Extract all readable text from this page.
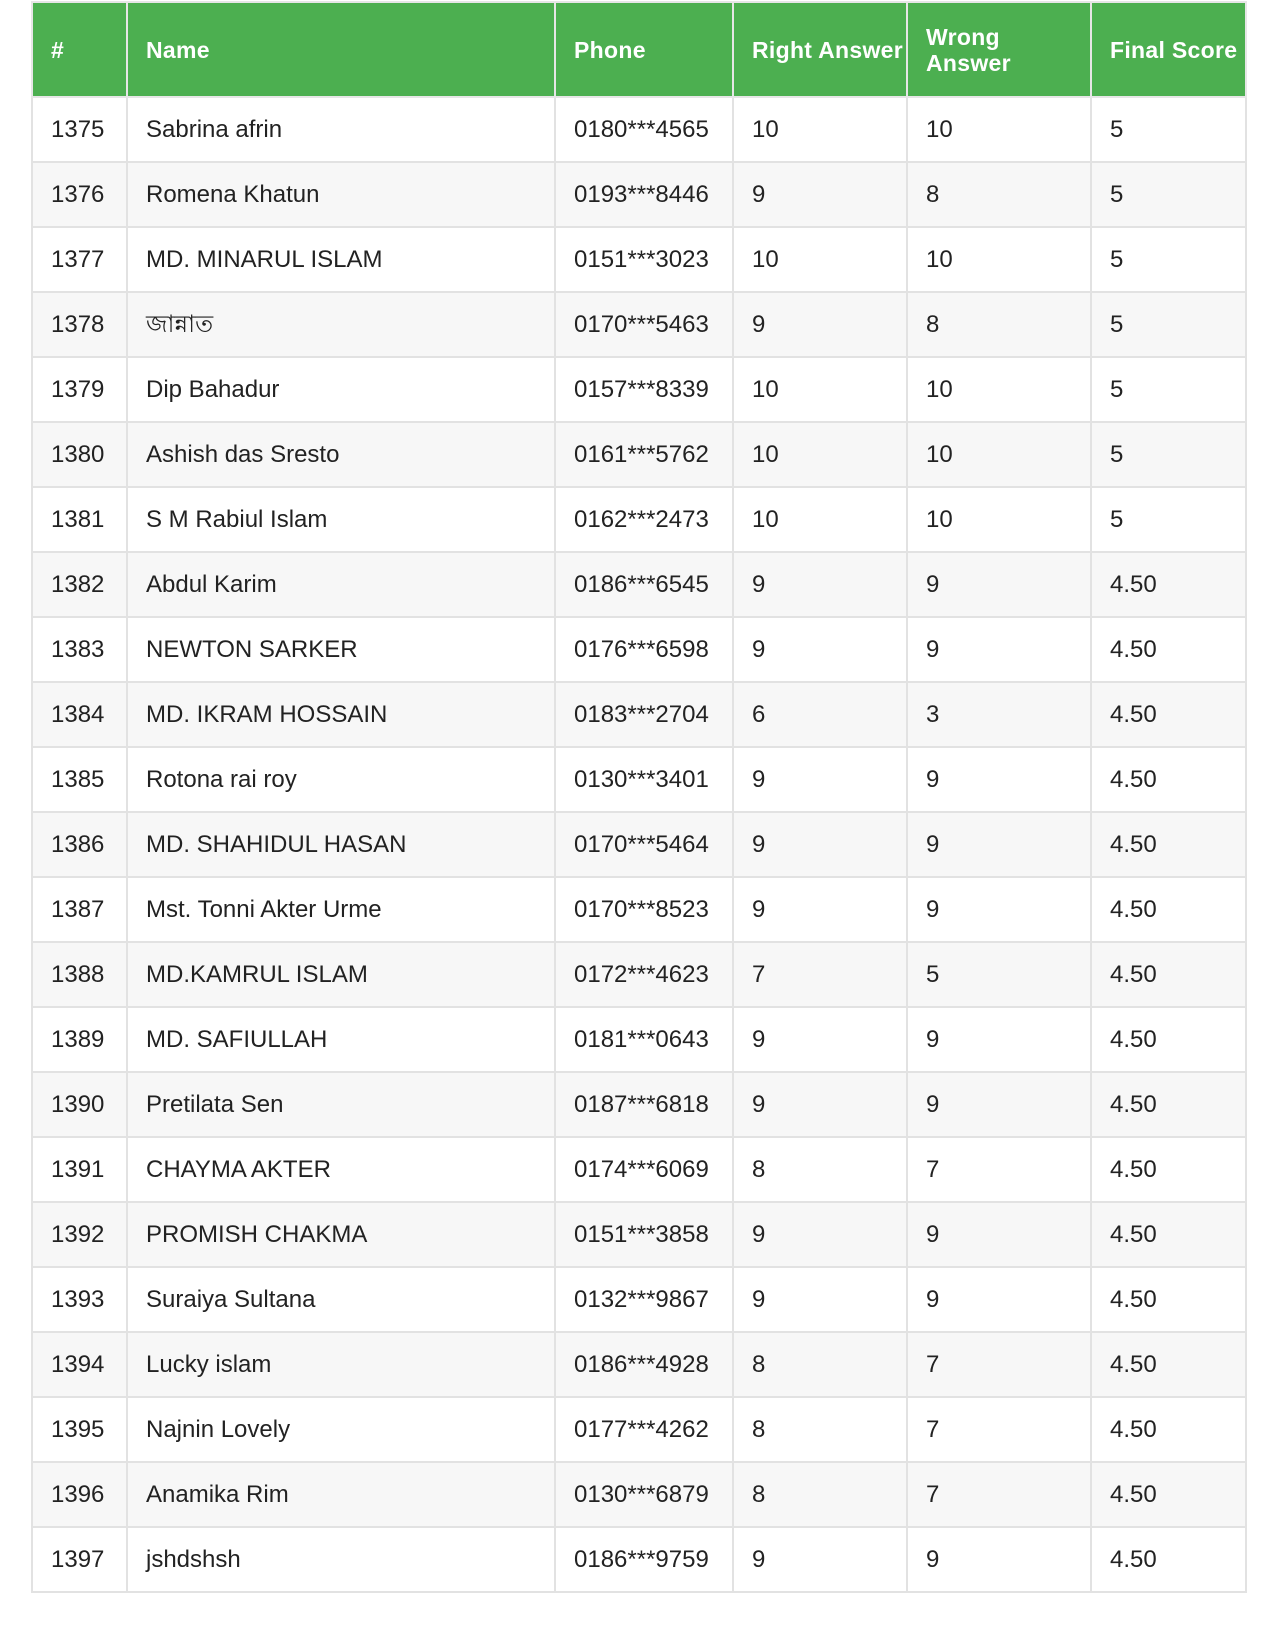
#	Name	Phone	Right Answer	Wrong Answer	Final Score
1375	Sabrina afrin	0180***4565	10	10	5
1376	Romena Khatun	0193***8446	9	8	5
1377	MD. MINARUL ISLAM	0151***3023	10	10	5
1378	জান্নাত	0170***5463	9	8	5
1379	Dip Bahadur	0157***8339	10	10	5
1380	Ashish das Sresto	0161***5762	10	10	5
1381	S M Rabiul Islam	0162***2473	10	10	5
1382	Abdul Karim	0186***6545	9	9	4.50
1383	NEWTON SARKER	0176***6598	9	9	4.50
1384	MD. IKRAM HOSSAIN	0183***2704	6	3	4.50
1385	Rotona rai roy	0130***3401	9	9	4.50
1386	MD. SHAHIDUL HASAN	0170***5464	9	9	4.50
1387	Mst. Tonni Akter Urme	0170***8523	9	9	4.50
1388	MD.KAMRUL ISLAM	0172***4623	7	5	4.50
1389	MD. SAFIULLAH	0181***0643	9	9	4.50
1390	Pretilata Sen	0187***6818	9	9	4.50
1391	CHAYMA AKTER	0174***6069	8	7	4.50
1392	PROMISH CHAKMA	0151***3858	9	9	4.50
1393	Suraiya Sultana	0132***9867	9	9	4.50
1394	Lucky islam	0186***4928	8	7	4.50
1395	Najnin Lovely	0177***4262	8	7	4.50
1396	Anamika Rim	0130***6879	8	7	4.50
1397	jshdshsh	0186***9759	9	9	4.50
